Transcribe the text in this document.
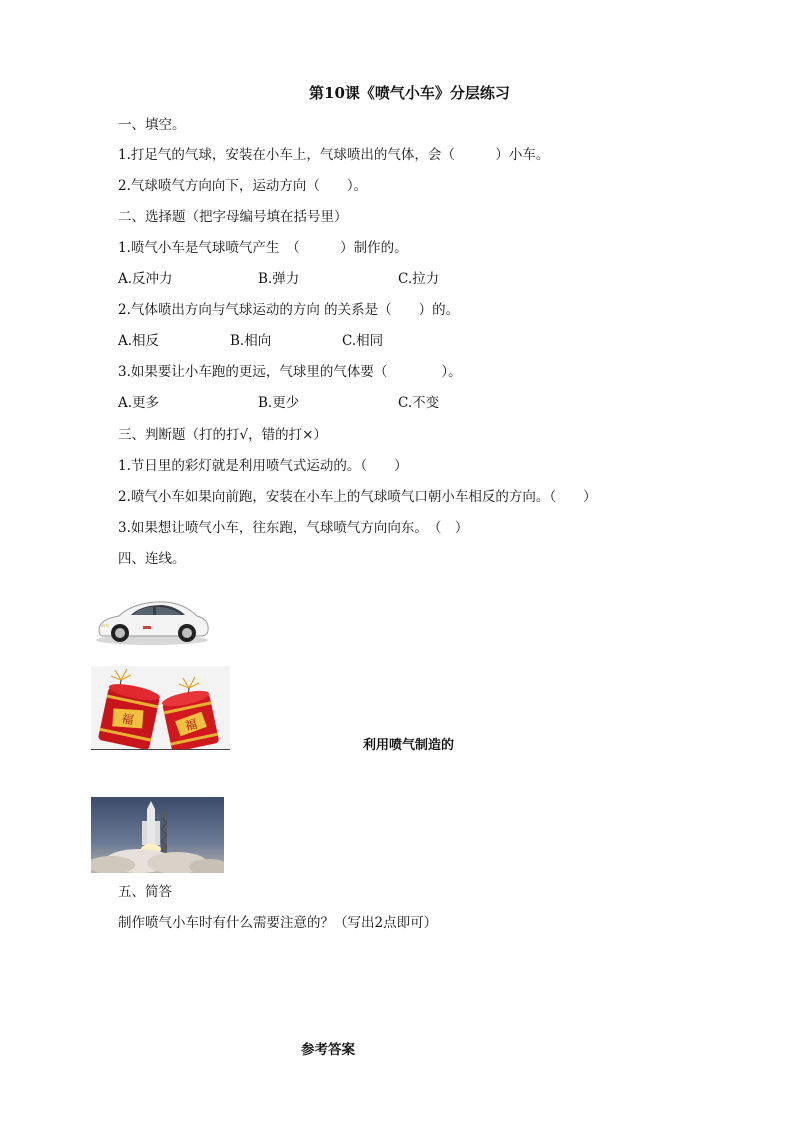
第10课《喷气小车》分层练习
一、填空。
1.打足气的气球，安装在小车上，气球喷出的气体，会（　　　）小车。
2.气球喷气方向向下，运动方向（　　）。
二、选择题（把字母编号填在括号里）
1.喷气小车是气球喷气产生　（　　　）制作的。
A.反冲力	B.弹力	C.拉力
2.气体喷出方向与气球运动的方向 的关系是（　　）的。
A.相反	B.相向	C.相同
3.如果要让小车跑的更远，气球里的气体要（　　　　）。
A.更多	B.更少	C.不变
三、判断题（打的打√，错的打×）
1.节日里的彩灯就是利用喷气式运动的。（　　）
2.喷气小车如果向前跑，安装在小车上的气球喷气口朝小车相反的方向。（　　）
3.如果想让喷气小车，往东跑，气球喷气方向向东。　（　）
四、连线。
福	福
利用喷气制造的
五、简答
制作喷气小车时有什么需要注意的？（写出2点即可）
参考答案
